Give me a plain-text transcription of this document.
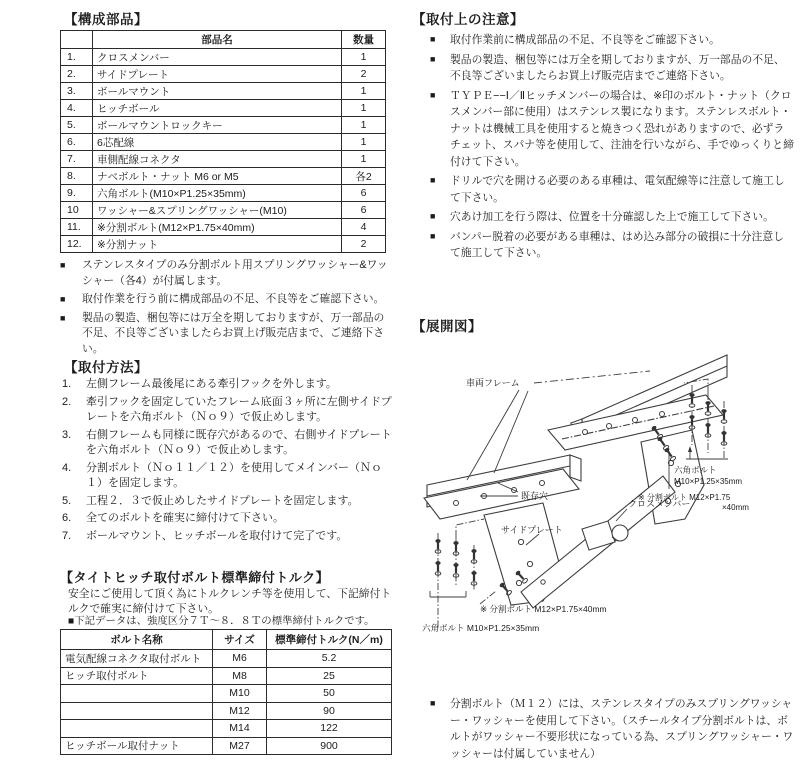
【構成部品】
	部品名	数量
1.	クロスメンバー	1
2.	サイドプレート	2
3.	ボールマウント	1
4.	ヒッチボール	1
5.	ボールマウントロックキー	1
6.	6芯配線	1
7.	車側配線コネクタ	1
8.	ナベボルト・ナット M6 or M5	各2
9.	六角ボルト(M10×P1.25×35mm)	6
10	ワッシャー&スプリングワッシャー(M10)	6
11.	※分割ボルト(M12×P1.75×40mm)	4
12.	※分割ナット	2
■	ステンレスタイプのみ分割ボルト用スプリングワッシャー&ワッシャー（各4）が付属します。
■	取付作業を行う前に構成部品の不足、不良等をご確認下さい。
■	製品の製造、梱包等には万全を期しておりますが、万一部品の不足、不良等ございましたらお買上げ販売店まで、ご連絡下さい。
【取付方法】
1.	左側フレーム最後尾にある牽引フックを外します。
2.	牽引フックを固定していたフレーム底面３ヶ所に左側サイドプレートを六角ボルト（Ｎｏ９）で仮止めします。
3.	右側フレームも同様に既存穴があるので、右側サイドプレートを六角ボルト（Ｎｏ９）で仮止めします。
4.	分割ボルト（Ｎｏ１１／１２）を使用してメインバー（Ｎｏ１）を固定します。
5.	工程２．３で仮止めしたサイドプレートを固定します。
6.	全てのボルトを確実に締付けて下さい。
7.	ボールマウント、ヒッチボールを取付けて完了です。
【タイトヒッチ取付ボルト標準締付トルク】

安全にご使用して頂く為にトルクレンチ等を使用して、下記締付トルクで確実に締付けて下さい。

■下記データは、強度区分７Ｔ～８．８Ｔの標準締付トルクです。

ボルト名称	サイズ	標準締付トルク(N／m)
電気配線コネクタ取付ボルト	M6	5.2
ヒッチ取付ボルト	M8	25
	M10	50
	M12	90
	M14	122
ヒッチボール取付ナット	M27	900
【取付上の注意】
■	取付作業前に構成部品の不足、不良等をご確認下さい。
■	製品の製造、梱包等には万全を期しておりますが、万一部品の不足、不良等ございましたらお買上げ販売店までご連絡下さい。
■	ＴＹＰＥ−−Ⅰ／Ⅱヒッチメンバーの場合は、※印のボルト・ナット（クロスメンバー部に使用）はステンレス製になります。ステンレスボルト・ナットは機械工具を使用すると焼きつく恐れがありますので、必ずラチェット、スパナ等を使用して、注油を行いながら、手でゆっくりと締付けて下さい。
■	ドリルで穴を開ける必要のある車種は、電気配線等に注意して施工して下さい。
■	穴あけ加工を行う際は、位置を十分確認した上で施工して下さい。
■	バンパー脱着の必要がある車種は、はめ込み部分の破損に十分注意して施工して下さい。
【展開図】
車両フレーム
既存穴
サイドプレート
クロスメンバー
六角ボルト
M10×P1.25×35mm
※ 分割ボルト M12×P1.75
×40mm
※ 分割ボルト M12×P1.75×40mm
六角ボルト M10×P1.25×35mm
■	分割ボルト（Ｍ１２）には、ステンレスタイプのみスプリングワッシャー・ワッシャーを使用して下さい。（スチールタイプ分割ボルトは、ボルトがワッシャー不要形状になっている為、スプリングワッシャー・ワッシャーは付属していません）
